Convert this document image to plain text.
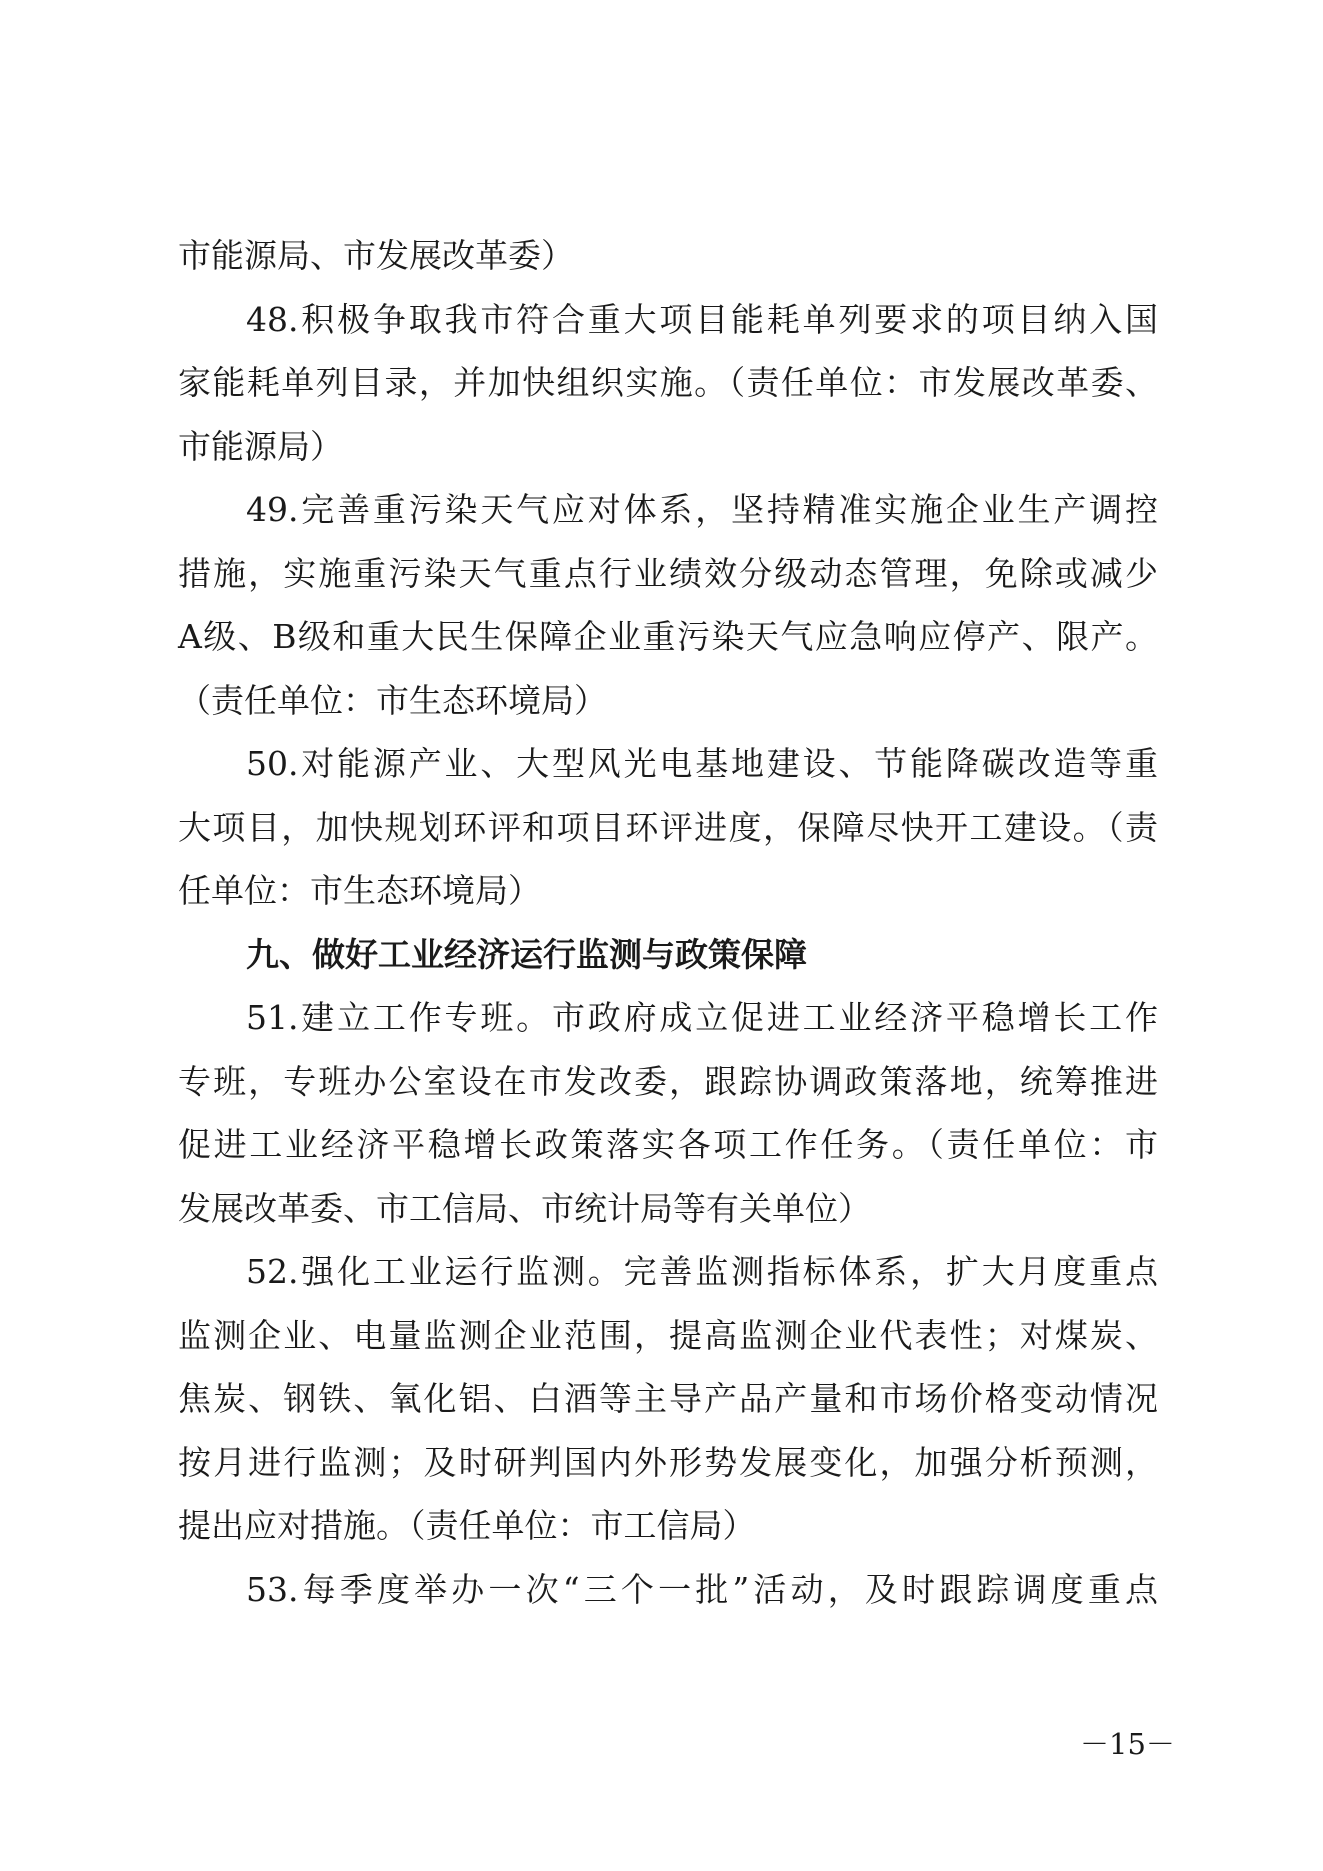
市能源局、市发展改革委）
48.积极争取我市符合重大项目能耗单列要求的项目纳入国
家能耗单列目录，并加快组织实施。（责任单位：市发展改革委、
市能源局）
49.完善重污染天气应对体系，坚持精准实施企业生产调控
措施，实施重污染天气重点行业绩效分级动态管理，免除或减少
A级、B级和重大民生保障企业重污染天气应急响应停产、限产。
（责任单位：市生态环境局）
50.对能源产业、大型风光电基地建设、节能降碳改造等重
大项目，加快规划环评和项目环评进度，保障尽快开工建设。（责
任单位：市生态环境局）
九、做好工业经济运行监测与政策保障
51.建立工作专班。市政府成立促进工业经济平稳增长工作
专班，专班办公室设在市发改委，跟踪协调政策落地，统筹推进
促进工业经济平稳增长政策落实各项工作任务。（责任单位：市
发展改革委、市工信局、市统计局等有关单位）
52.强化工业运行监测。完善监测指标体系，扩大月度重点
监测企业、电量监测企业范围，提高监测企业代表性；对煤炭、
焦炭、钢铁、氧化铝、白酒等主导产品产量和市场价格变动情况
按月进行监测；及时研判国内外形势发展变化，加强分析预测，
提出应对措施。（责任单位：市工信局）
53.每季度举办一次“三个一批”活动，及时跟踪调度重点
－15－
